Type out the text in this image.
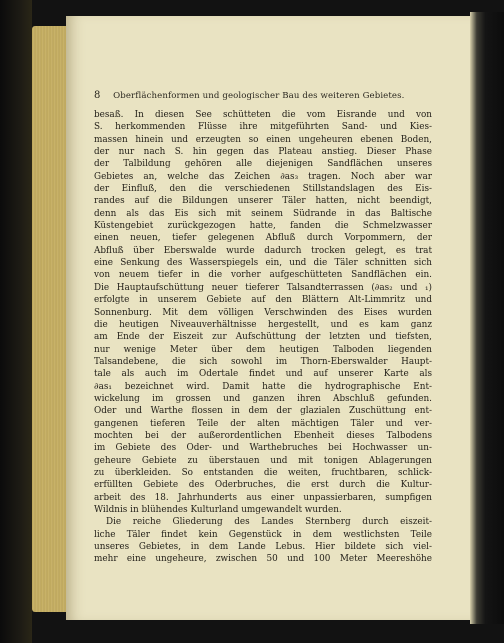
8 Oberflächenformen und geologischer Bau des weiteren Gebietes.
besaß. In diesen See schütteten die vom Eisrande und von
S. herkommenden Flüsse ihre mitgeführten Sand- und Kies-
massen hinein und erzeugten so einen ungeheuren ebenen Boden,
der nur nach S. hin gegen das Plateau anstieg. Dieser Phase
der Talbildung gehören alle diejenigen Sandflächen unseres
Gebietes an, welche das Zeichen ∂as₃ tragen. Noch aber war
der Einfluß, den die verschiedenen Stillstandslagen des Eis-
randes auf die Bildungen unserer Täler hatten, nicht beendigt,
denn als das Eis sich mit seinem Südrande in das Baltische
Küstengebiet zurückgezogen hatte, fanden die Schmelzwasser
einen neuen, tiefer gelegenen Abfluß durch Vorpommern, der
Abfluß über Eberswalde wurde dadurch trocken gelegt, es trat
eine Senkung des Wasserspiegels ein, und die Täler schnitten sich
von neuem tiefer in die vorher aufgeschütteten Sandflächen ein.
Die Hauptaufschüttung neuer tieferer Talsandterrassen (∂as₂ und ₁)
erfolgte in unserem Gebiete auf den Blättern Alt-Limmritz und
Sonnenburg. Mit dem völligen Verschwinden des Eises wurden
die heutigen Niveauverhältnisse hergestellt, und es kam ganz
am Ende der Eiszeit zur Aufschüttung der letzten und tiefsten,
nur wenige Meter über dem heutigen Talboden liegenden
Talsandebene, die sich sowohl im Thorn-Eberswalder Haupt-
tale als auch im Odertale findet und auf unserer Karte als
∂as₁ bezeichnet wird. Damit hatte die hydrographische Ent-
wickelung im grossen und ganzen ihren Abschluß gefunden.
Oder und Warthe flossen in dem der glazialen Zuschüttung ent-
gangenen tieferen Teile der alten mächtigen Täler und ver-
mochten bei der außerordentlichen Ebenheit dieses Talbodens
im Gebiete des Oder- und Warthebruches bei Hochwasser un-
geheure Gebiete zu überstauen und mit tonigen Ablagerungen
zu überkleiden. So entstanden die weiten, fruchtbaren, schlick-
erfüllten Gebiete des Oderbruches, die erst durch die Kultur-
arbeit des 18. Jahrhunderts aus einer unpassierbaren, sumpfigen
Wildnis in blühendes Kulturland umgewandelt wurden.
Die reiche Gliederung des Landes Sternberg durch eiszeit-
liche Täler findet kein Gegenstück in dem westlichsten Teile
unseres Gebietes, in dem Lande Lebus. Hier bildete sich viel-
mehr eine ungeheure, zwischen 50 und 100 Meter Meereshöhe
